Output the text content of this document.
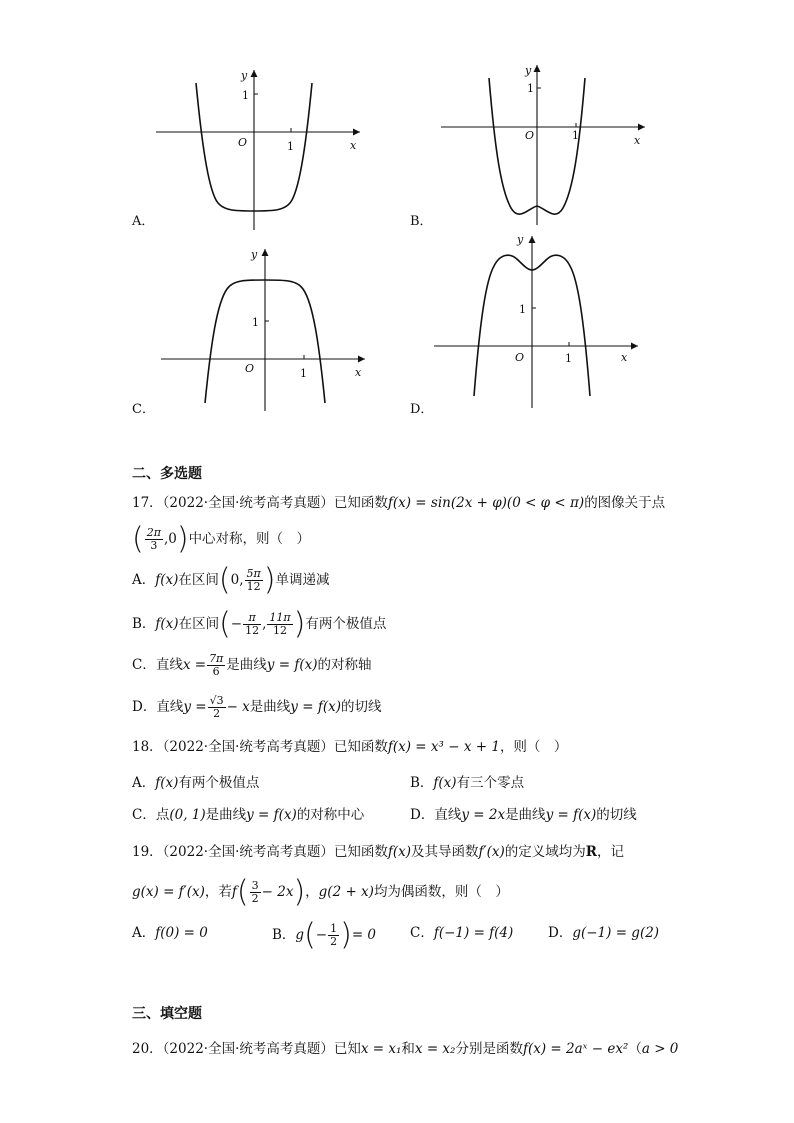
y
x
O	1
1
A．
y
x
O	1
1
B．
y
x
O	1
1
C．
y
x
O	1
1
D．
二、多选题
17．（2022·全国·统考高考真题）已知函数f(x) = sin(2x + φ)(0 < φ < π)的图像关于点
( $\frac{2\pi}{3} ,0$)中心对称，则（　）
A．f(x)在区间(0, $\frac{5\pi}{12}$ )单调递减
B．f(x)在区间(− $\frac{\pi}{12}$ , $\frac{11\pi}{12}$ )有两个极值点
C．直线$x = \frac{7\pi}{6}$ 是曲线y = f(x)的对称轴
D．直线$y = \frac{√3}{2} - x$是曲线y = f(x)的切线
18．（2022·全国·统考高考真题）已知函数f(x) = x³ − x + 1，则（　）
A．f(x)有两个极值点	B．f(x)有三个零点
C．点(0, 1)是曲线y = f(x)的对称中心	D．直线y = 2x是曲线y = f(x)的切线
19．（2022·全国·统考高考真题）已知函数f(x)及其导函数f′(x)的定义域均为R，记
g(x) = f′(x)，若$f( \frac{3}{2} - 2x)$，g(2 + x)均为偶函数，则（　）
A．f(0) = 0	B．$g(- \frac{1}{2}$ )= 0	C．f(−1) = f(4)	D．g(−1) = g(2)
三、填空题
20．（2022·全国·统考高考真题）已知x = x₁和x = x₂分别是函数f(x) = 2aˣ − ex²（a > 0
